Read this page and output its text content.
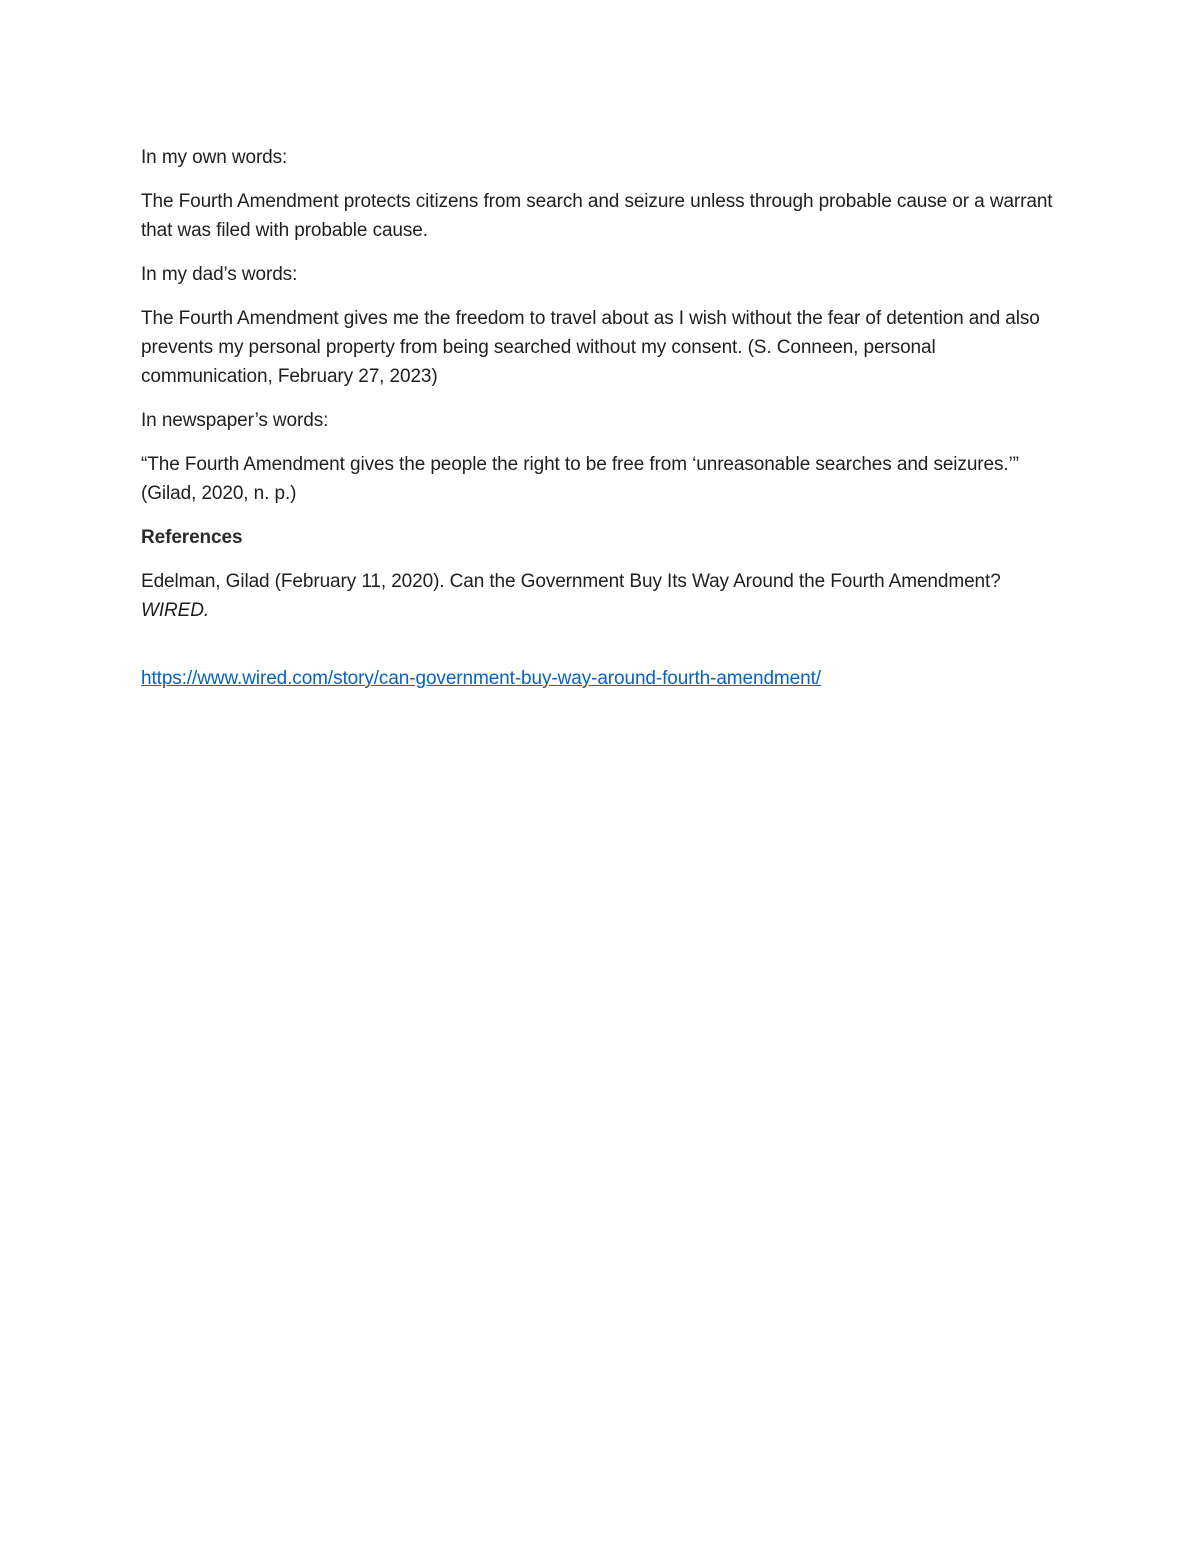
In my own words:

The Fourth Amendment protects citizens from search and seizure unless through probable cause or a warrant that was filed with probable cause.

In my dad’s words:

The Fourth Amendment gives me the freedom to travel about as I wish without the fear of detention and also prevents my personal property from being searched without my consent. (S. Conneen, personal communication, February 27, 2023)

In newspaper’s words:

“The Fourth Amendment gives the people the right to be free from ‘unreasonable searches and seizures.’” (Gilad, 2020, n. p.)

References

Edelman, Gilad (February 11, 2020). Can the Government Buy Its Way Around the Fourth Amendment?
WIRED.

https://www.wired.com/story/can-government-buy-way-around-fourth-amendment/
